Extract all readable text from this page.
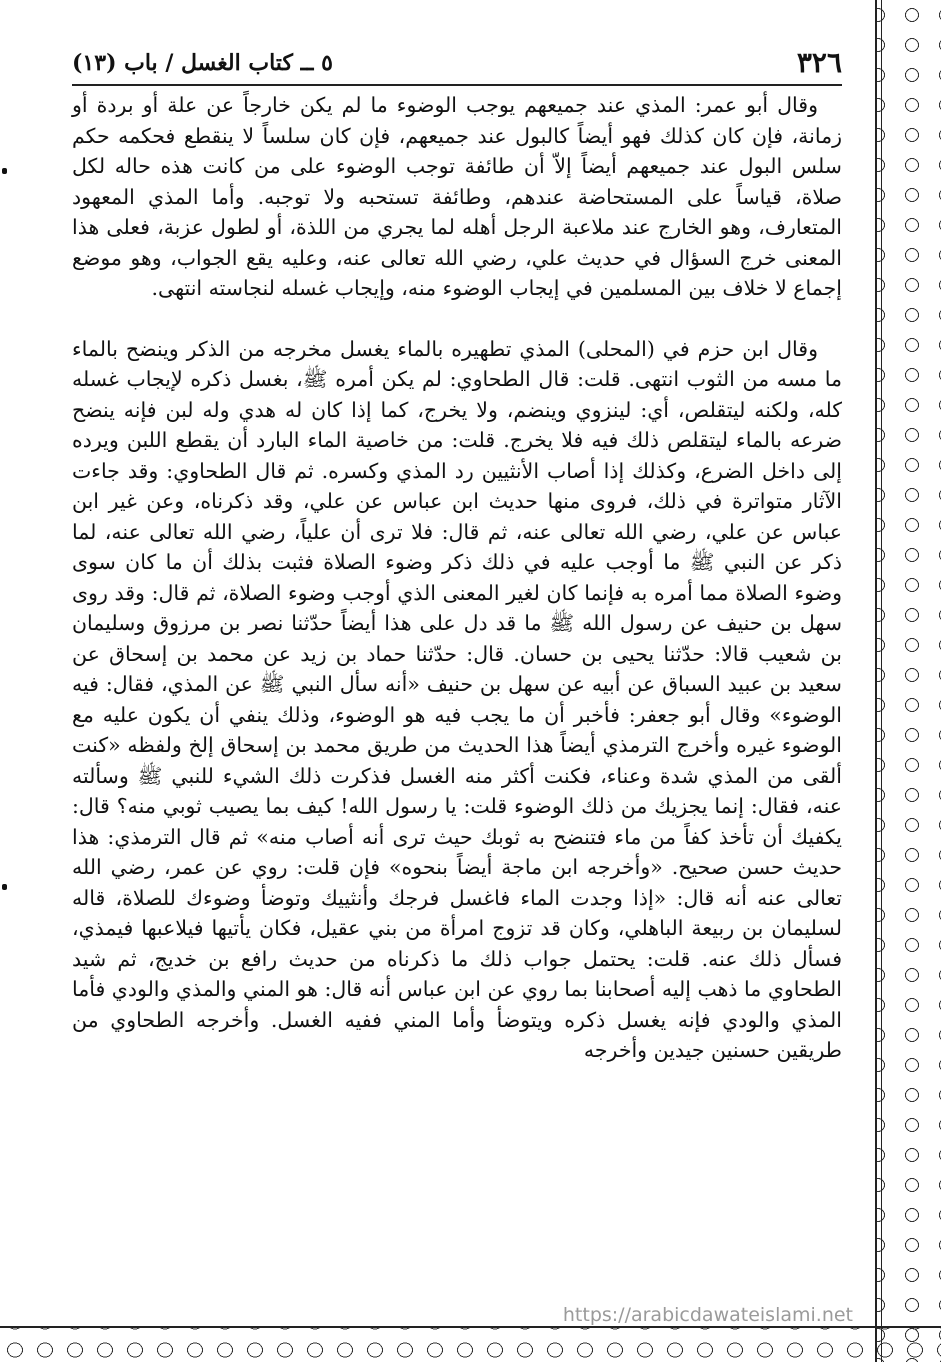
٣٢٦
٥ ــ كتاب الغسل / باب (١٣)

وقال أبو عمر: المذي عند جميعهم يوجب الوضوء ما لم يكن خارجاً عن علة أو بردة أو زمانة، فإن كان كذلك فهو أيضاً كالبول عند جميعهم، فإن كان سلساً لا ينقطع فحكمه حكم سلس البول عند جميعهم أيضاً إلاّ أن طائفة توجب الوضوء على من كانت هذه حاله لكل صلاة، قياساً على المستحاضة عندهم، وطائفة تستحبه ولا توجبه. وأما المذي المعهود المتعارف، وهو الخارج عند ملاعبة الرجل أهله لما يجري من اللذة، أو لطول عزبة، فعلى هذا المعنى خرج السؤال في حديث علي، رضي الله تعالى عنه، وعليه يقع الجواب، وهو موضع إجماع لا خلاف بين المسلمين في إيجاب الوضوء منه، وإيجاب غسله لنجاسته انتهى.

وقال ابن حزم في (المحلى) المذي تطهيره بالماء يغسل مخرجه من الذكر وينضح بالماء ما مسه من الثوب انتهى. قلت: قال الطحاوي: لم يكن أمره ﷺ، بغسل ذكره لإيجاب غسله كله، ولكنه ليتقلص، أي: لينزوي وينضم، ولا يخرج، كما إذا كان له هدي وله لبن فإنه ينضح ضرعه بالماء ليتقلص ذلك فيه فلا يخرج. قلت: من خاصية الماء البارد أن يقطع اللبن ويرده إلى داخل الضرع، وكذلك إذا أصاب الأنثيين رد المذي وكسره. ثم قال الطحاوي: وقد جاءت الآثار متواترة في ذلك، فروى منها حديث ابن عباس عن علي، وقد ذكرناه، وعن غير ابن عباس عن علي، رضي الله تعالى عنه، ثم قال: فلا ترى أن علياً، رضي الله تعالى عنه، لما ذكر عن النبي ﷺ ما أوجب عليه في ذلك ذكر وضوء الصلاة فثبت بذلك أن ما كان سوى وضوء الصلاة مما أمره به فإنما كان لغير المعنى الذي أوجب وضوء الصلاة، ثم قال: وقد روى سهل بن حنيف عن رسول الله ﷺ ما قد دل على هذا أيضاً حدّثنا نصر بن مرزوق وسليمان بن شعيب قالا: حدّثنا يحيى بن حسان. قال: حدّثنا حماد بن زيد عن محمد بن إسحاق عن سعيد بن عبيد السباق عن أبيه عن سهل بن حنيف «أنه سأل النبي ﷺ عن المذي، فقال: فيه الوضوء» وقال أبو جعفر: فأخبر أن ما يجب فيه هو الوضوء، وذلك ينفي أن يكون عليه مع الوضوء غيره وأخرج الترمذي أيضاً هذا الحديث من طريق محمد بن إسحاق إلخ ولفظه «كنت ألقى من المذي شدة وعناء، فكنت أكثر منه الغسل فذكرت ذلك الشيء للنبي ﷺ وسألته عنه، فقال: إنما يجزيك من ذلك الوضوء قلت: يا رسول الله! كيف بما يصيب ثوبي منه؟ قال: يكفيك أن تأخذ كفاً من ماء فتنضح به ثوبك حيث ترى أنه أصاب منه» ثم قال الترمذي: هذا حديث حسن صحيح. «وأخرجه ابن ماجة أيضاً بنحوه» فإن قلت: روي عن عمر، رضي الله تعالى عنه أنه قال: «إذا وجدت الماء فاغسل فرجك وأنثييك وتوضأ وضوءك للصلاة، قاله لسليمان بن ربيعة الباهلي، وكان قد تزوج امرأة من بني عقيل، فكان يأتيها فيلاعبها فيمذي، فسأل ذلك عنه. قلت: يحتمل جواب ذلك ما ذكرناه من حديث رافع بن خديج، ثم شيد الطحاوي ما ذهب إليه أصحابنا بما روي عن ابن عباس أنه قال: هو المني والمذي والودي فأما المذي والودي فإنه يغسل ذكره ويتوضأ وأما المني ففيه الغسل. وأخرجه الطحاوي من طريقين حسنين جيدين وأخرجه

https://arabicdawateislami.net
